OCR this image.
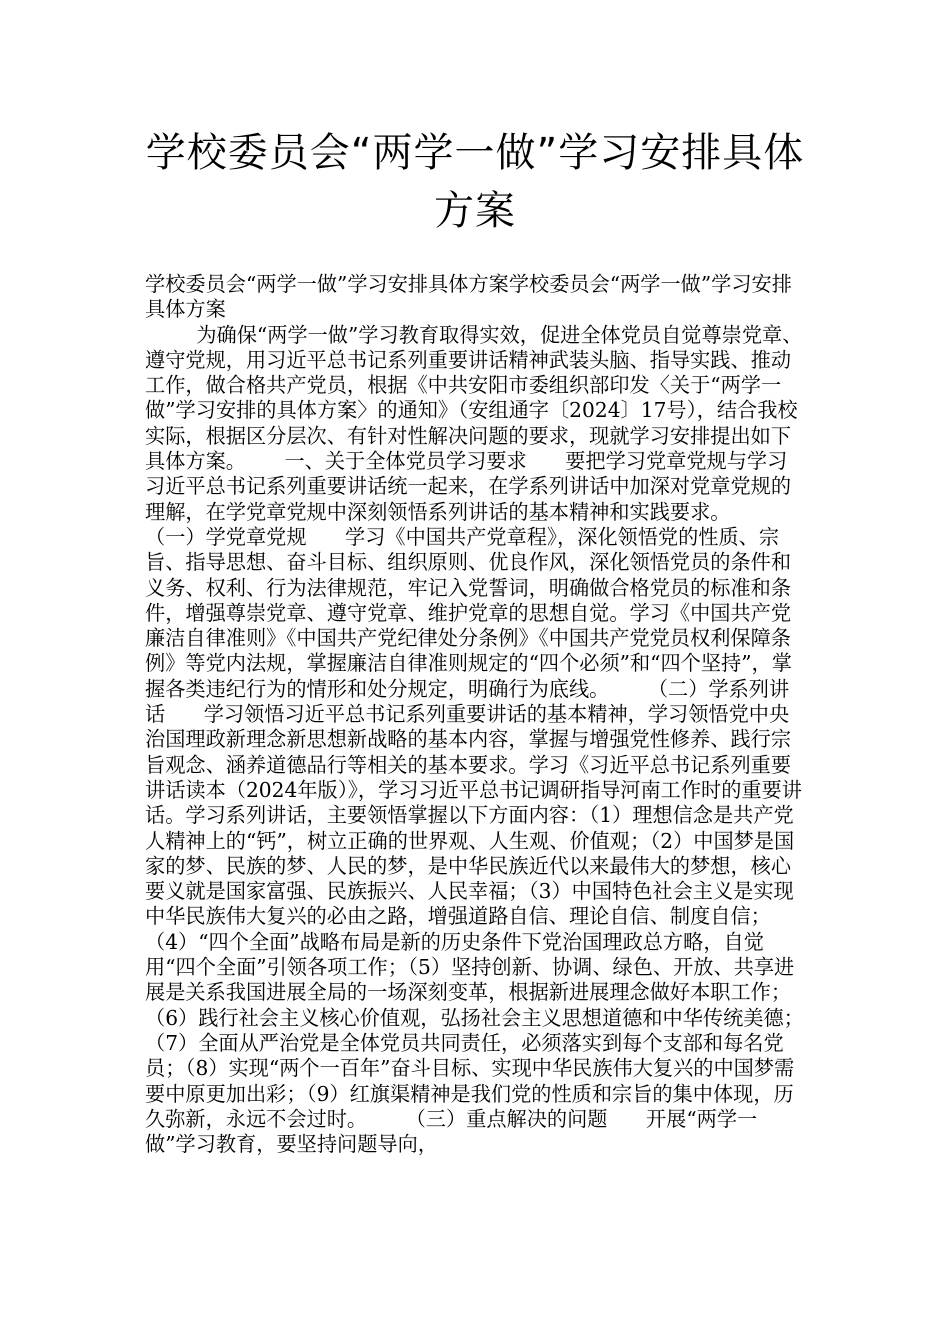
学校委员会“两学一做”学习安排具体方案
学校委员会“两学一做”学习安排具体方案学校委员会“两学一做”学习安排具体方案
为确保“两学一做”学习教育取得实效，促进全体党员自觉尊崇党章、遵守党规，用习近平总书记系列重要讲话精神武装头脑、指导实践、推动工作，做合格共产党员，根据《中共安阳市委组织部印发〈关于“两学一做”学习安排的具体方案〉的通知》（安组通字〔2024〕17号），结合我校实际，根据区分层次、有针对性解决问题的要求，现就学习安排提出如下具体方案。      一、关于全体党员学习要求      要把学习党章党规与学习习近平总书记系列重要讲话统一起来，在学系列讲话中加深对党章党规的理解，在学党章党规中深刻领悟系列讲话的基本精神和实践要求。      （一）学党章党规      学习《中国共产党章程》，深化领悟党的性质、宗旨、指导思想、奋斗目标、组织原则、优良作风，深化领悟党员的条件和义务、权利、行为法律规范，牢记入党誓词，明确做合格党员的标准和条件，增强尊崇党章、遵守党章、维护党章的思想自觉。学习《中国共产党廉洁自律准则》《中国共产党纪律处分条例》《中国共产党党员权利保障条例》等党内法规，掌握廉洁自律准则规定的“四个必须”和“四个坚持”，掌握各类违纪行为的情形和处分规定，明确行为底线。      （二）学系列讲话      学习领悟习近平总书记系列重要讲话的基本精神，学习领悟党中央治国理政新理念新思想新战略的基本内容，掌握与增强党性修养、践行宗旨观念、涵养道德品行等相关的基本要求。学习《习近平总书记系列重要讲话读本（2024年版）》，学习习近平总书记调研指导河南工作时的重要讲话。学习系列讲话，主要领悟掌握以下方面内容：（1）理想信念是共产党人精神上的“钙”，树立正确的世界观、人生观、价值观；（2）中国梦是国家的梦、民族的梦、人民的梦，是中华民族近代以来最伟大的梦想，核心要义就是国家富强、民族振兴、人民幸福；（3）中国特色社会主义是实现中华民族伟大复兴的必由之路，增强道路自信、理论自信、制度自信；（4）“四个全面”战略布局是新的历史条件下党治国理政总方略，自觉用“四个全面”引领各项工作；（5）坚持创新、协调、绿色、开放、共享进展是关系我国进展全局的一场深刻变革，根据新进展理念做好本职工作；（6）践行社会主义核心价值观，弘扬社会主义思想道德和中华传统美德；（7）全面从严治党是全体党员共同责任，必须落实到每个支部和每名党员；（8）实现“两个一百年”奋斗目标、实现中华民族伟大复兴的中国梦需要中原更加出彩；（9）红旗渠精神是我们党的性质和宗旨的集中体现，历久弥新，永远不会过时。      （三）重点解决的问题      开展“两学一做”学习教育，要坚持问题导向，
